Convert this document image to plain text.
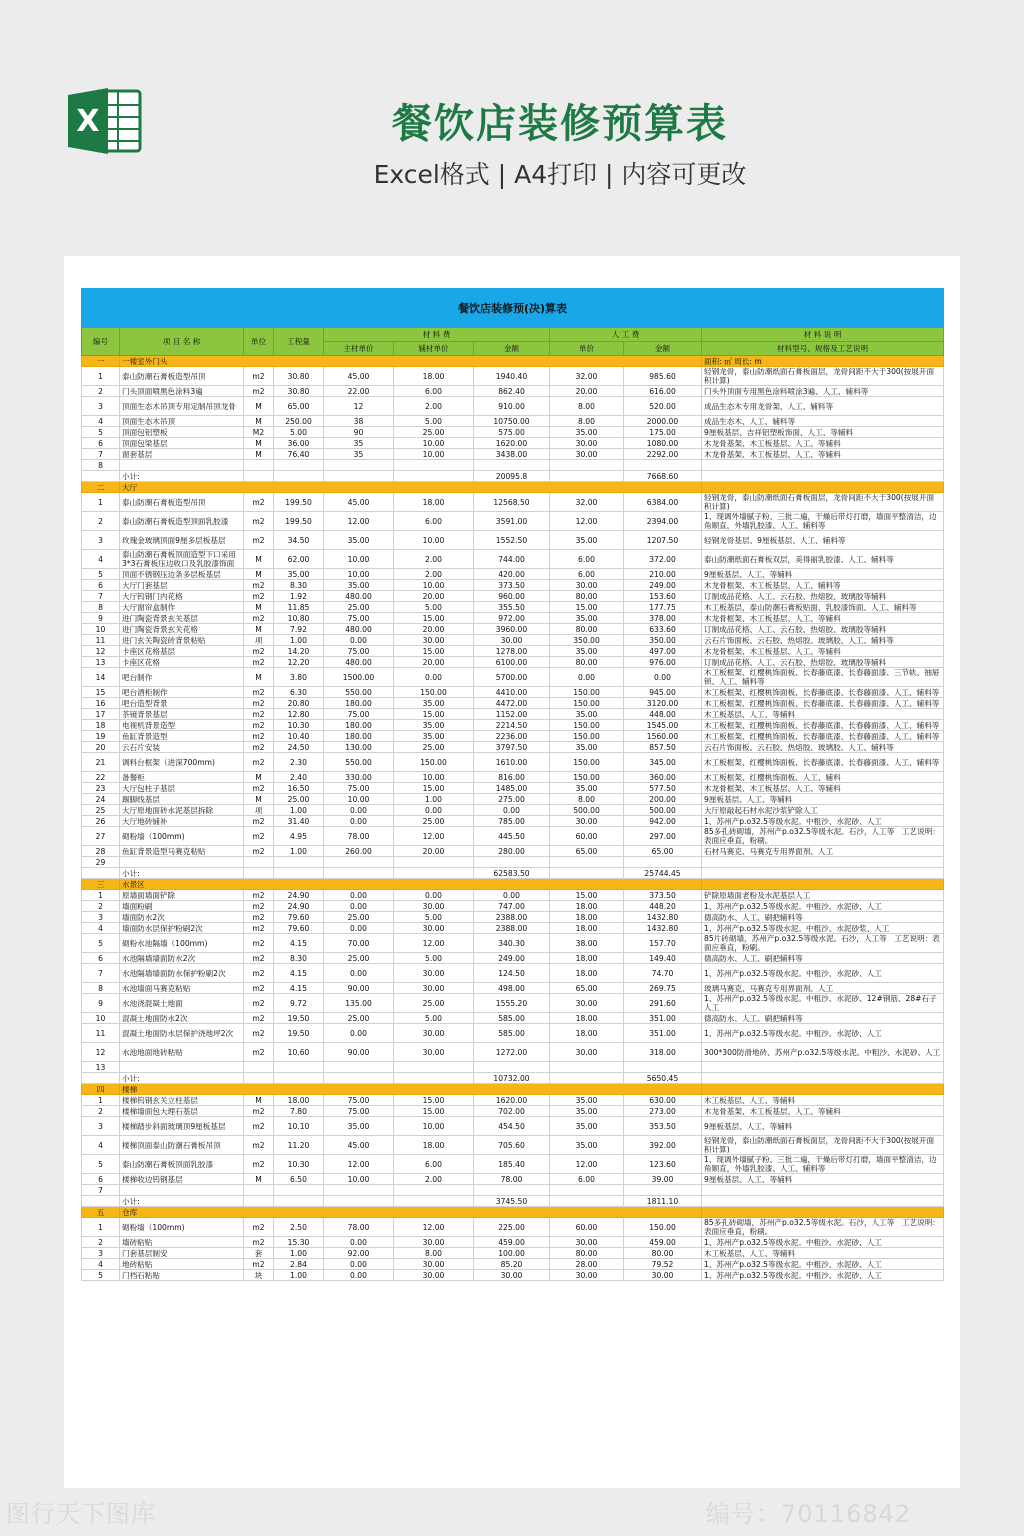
X	餐饮店装修预算表
Excel格式 | A4打印 | 内容可更改
餐饮店装修预(决)算表									
编号	项 目 名 称	单位	工程量	材 料 费			人 工 费		材 料 说 明
				主材单价	辅材单价	金额	单价	金额	材料型号、规格及工艺说明
一	一楼室外门头								面积: ㎡ 周长: m
1	泰山防潮石膏板造型吊顶	m2	30.80	45.00	18.00	1940.40	32.00	985.60	轻钢龙骨，泰山防潮纸面石膏板面层，龙骨间距不大于300(按展开面积计算)
2	门头顶面喷黑色涂料3遍	m2	30.80	22.00	6.00	862.40	20.00	616.00	门头外顶面专用黑色涂料喷涂3遍、人工、辅料等
3	顶面生态木吊顶专用定制吊顶龙骨	M	65.00	12	2.00	910.00	8.00	520.00	成品生态木专用龙骨架、人工、辅料等
4	顶面生态木吊顶	M	250.00	38	5.00	10750.00	8.00	2000.00	成品生态木、人工、辅料等
5	顶面包铝塑板	M2	5.00	90	25.00	575.00	35.00	175.00	9厘板基层、吉祥铝塑板饰面、人工、等辅料
6	顶面包梁基层	M	36.00	35	10.00	1620.00	30.00	1080.00	木龙骨基架、木工板基层、人工、等辅料
7	窗套基层	M	76.40	35	10.00	3438.00	30.00	2292.00	木龙骨基架、木工板基层、人工、等辅料
8									
	小计:					20095.8		7668.60	
二	大厅								
1	泰山防潮石膏板造型吊顶	m2	199.50	45.00	18.00	12568.50	32.00	6384.00	轻钢龙骨，泰山防潮纸面石膏板面层，龙骨间距不大于300(按展开面积计算)
2	泰山防潮石膏板造型顶面乳胶漆	m2	199.50	12.00	6.00	3591.00	12.00	2394.00	1、现调外墙腻子粉、三批二遍，干燥后带灯打磨，墙面平整清洁，边角顺直，外墙乳胶漆、人工、辅料等
3	玫瑰金玻璃顶面9厘多层板基层	m2	34.50	35.00	10.00	1552.50	35.00	1207.50	轻钢龙骨基层、9厘板基层、人工、辅料等
4	泰山防潮石膏板顶面造型下口采用3*3石膏板压边收口及乳胶漆饰面	M	62.00	10.00	2.00	744.00	6.00	372.00	泰山防潮纸面石膏板双层，美得丽乳胶漆、人工、辅料等
5	顶面不锈钢压边条多层板基层	M	35.00	10.00	2.00	420.00	6.00	210.00	9厘板基层、人工、等辅料
6	大厅门套基层	m2	8.30	35.00	10.00	373.50	30.00	249.00	木龙骨框架、木工板基层、人工、辅料等
7	大厅钨钢门内花格	m2	1.92	480.00	20.00	960.00	80.00	153.60	订制成品花格、人工、云石胶、热熔胶、玻璃胶等辅料
8	大厅窗帘盒制作	M	11.85	25.00	5.00	355.50	15.00	177.75	木工板基层，泰山防潮石膏板贴面、乳胶漆饰面、人工、辅料等
9	进门陶瓷背景玄关基层	m2	10.80	75.00	15.00	972.00	35.00	378.00	木龙骨框架、木工板基层、人工、等辅料
10	进门陶瓷背景玄关花格	M	7.92	480.00	20.00	3960.00	80.00	633.60	订制成品花格、人工、云石胶、热熔胶、玻璃胶等辅料
11	进门玄关陶瓷砖背景粘贴	项	1.00	0.00	30.00	30.00	350.00	350.00	云石片饰面板、云石胶、热熔胶、玻璃胶、人工、辅料等
12	卡座区花格基层	m2	14.20	75.00	15.00	1278.00	35.00	497.00	木龙骨框架、木工板基层、人工、等辅料
13	卡座区花格	m2	12.20	480.00	20.00	6100.00	80.00	976.00	订制成品花格、人工、云石胶、热熔胶、玻璃胶等辅料
14	吧台制作	M	3.80	1500.00	0.00	5700.00	0.00	0.00	木工板框架、红樱桃饰面板、长春藤底漆、长春藤面漆、三节轨、抽屉锁、人工、辅料等
15	吧台酒柜制作	m2	6.30	550.00	150.00	4410.00	150.00	945.00	木工板框架、红樱桃饰面板、长春藤底漆、长春藤面漆、人工、辅料等
16	吧台造型背景	m2	20.80	180.00	35.00	4472.00	150.00	3120.00	木工板框架、红樱桃饰面板、长春藤底漆、长春藤面漆、人工、辅料等
17	茶镜背景基层	m2	12.80	75.00	15.00	1152.00	35.00	448.00	木工板基层、人工、等辅料
18	电视机背景造型	m2	10.30	180.00	35.00	2214.50	150.00	1545.00	木工板框架、红樱桃饰面板、长春藤底漆、长春藤面漆、人工、辅料等
19	鱼缸背景造型	m2	10.40	180.00	35.00	2236.00	150.00	1560.00	木工板框架、红樱桃饰面板、长春藤底漆、长春藤面漆、人工、辅料等
20	云石片安装	m2	24.50	130.00	25.00	3797.50	35.00	857.50	云石片饰面板、云石胶、热熔胶、玻璃胶、人工、辅料等
21	调料台框架（进深700mm)	m2	2.30	550.00	150.00	1610.00	150.00	345.00	木工板框架、红樱桃饰面板、长春藤底漆、长春藤面漆、人工、辅料等
22	备餐柜	M	2.40	330.00	10.00	816.00	150.00	360.00	木工板框架、红樱桃饰面板、人工、辅料
23	大厅包柱子基层	m2	16.50	75.00	15.00	1485.00	35.00	577.50	木龙骨框架、木工板基层、人工、等辅料
24	踢脚线基层	M	25.00	10.00	1.00	275.00	8.00	200.00	9厘板基层、人工、等辅料
25	大厅原地面砖水泥基层拆除	项	1.00	0.00	0.00	0.00	500.00	500.00	大厅原敲起石材水泥沙浆铲除人工
26	大厅地砖铺补	m2	31.40	0.00	25.00	785.00	30.00	942.00	1、苏州产p.o32.5等级水泥。中粗沙、水泥砂、人工
27	砌粉墙（100mm)	m2	4.95	78.00	12.00	445.50	60.00	297.00	85多孔砖砌墙，苏州产p.o32.5等级水泥。石沙，人工等　工艺说明：表面应垂直，粉刷。
28	鱼缸背景造型马赛克粘贴	m2	1.00	260.00	20.00	280.00	65.00	65.00	石材马赛克、马赛克专用界面剂、人工
29									
	小计:					62583.50		25744.45	
三	水景区								
1	原墙面墙面铲除	m2	24.90	0.00	0.00	0.00	15.00	373.50	铲除原墙面老粉及水泥基层人工
2	墙面粉刷	m2	24.90	0.00	30.00	747.00	18.00	448.20	1、苏州产p.o32.5等级水泥。中粗沙、水泥砂、人工
3	墙面防水2次	m2	79.60	25.00	5.00	2388.00	18.00	1432.80	德高防水、人工、刷把辅料等
4	墙面防水层保护粉刷2次	m2	79.60	0.00	30.00	2388.00	18.00	1432.80	1、苏州产p.o32.5等级水泥。中粗沙、水泥砂浆、人工
5	砌粉水池隔墙（100mm)	m2	4.15	70.00	12.00	340.30	38.00	157.70	85片砖砌墙，苏州产p.o32.5等级水泥。石沙，人工等　工艺说明：表面应垂直，粉刷。
6	水池隔墙墙面防水2次	m2	8.30	25.00	5.00	249.00	18.00	149.40	德高防水、人工、刷把辅料等
7	水池隔墙墙面防水保护粉刷2次	m2	4.15	0.00	30.00	124.50	18.00	74.70	1、苏州产p.o32.5等级水泥。中粗沙、水泥砂、人工
8	水池墙面马赛克粘贴	m2	4.15	90.00	30.00	498.00	65.00	269.75	玻璃马赛克、马赛克专用界面剂、人工
9	水池浇混凝土地面	m2	9.72	135.00	25.00	1555.20	30.00	291.60	1、苏州产p.o32.5等级水泥。中粗沙、水泥砂、12#钢筋、28#石子人工
10	混凝土地面防水2次	m2	19.50	25.00	5.00	585.00	18.00	351.00	德高防水、人工、刷把辅料等
11	混凝土地面防水层保护浇地坪2次	m2	19.50	0.00	30.00	585.00	18.00	351.00	1、苏州产p.o32.5等级水泥。中粗沙、水泥砂、人工
12	水池地面地砖粘贴	m2	10.60	90.00	30.00	1272.00	30.00	318.00	300*300防滑地砖、苏州产p.o32.5等级水泥。中粗沙、水泥砂、人工
13									
	小计:					10732.00		5650.45	
四	楼梯								
1	楼梯钨钢玄关立柱基层	M	18.00	75.00	15.00	1620.00	35.00	630.00	木工板基层、人工、等辅料
2	楼梯墙面包大理石基层	m2	7.80	75.00	15.00	702.00	35.00	273.00	木龙骨基架、木工板基层、人工、等辅料
3	楼梯踏步斜面玻璃顶9厘板基层	m2	10.10	35.00	10.00	454.50	35.00	353.50	9厘板基层、人工、等辅料
4	楼梯顶面泰山防潮石膏板吊顶	m2	11.20	45.00	18.00	705.60	35.00	392.00	轻钢龙骨，泰山防潮纸面石膏板面层，龙骨间距不大于300(按展开面积计算)
5	泰山防潮石膏板顶面乳胶漆	m2	10.30	12.00	6.00	185.40	12.00	123.60	1、现调外墙腻子粉、三批二遍，干燥后带灯打磨，墙面平整清洁，边角顺直，外墙乳胶漆、人工、辅料等
6	楼梯收边钨钢基层	M	6.50	10.00	2.00	78.00	6.00	39.00	9厘板基层、人工、等辅料
7									
	小计:					3745.50		1811.10	
五	仓库								
1	砌粉墙（100mm)	m2	2.50	78.00	12.00	225.00	60.00	150.00	85多孔砖砌墙，苏州产p.o32.5等级水泥。石沙，人工等　工艺说明：表面应垂直，粉刷。
2	墙砖粘贴	m2	15.30	0.00	30.00	459.00	30.00	459.00	1、苏州产p.o32.5等级水泥。中粗沙、水泥砂、人工
3	门套基层制安	套	1.00	92.00	8.00	100.00	80.00	80.00	木工板基层、人工、等辅料
4	地砖粘贴	m2	2.84	0.00	30.00	85.20	28.00	79.52	1、苏州产p.o32.5等级水泥。中粗沙、水泥砂、人工
5	门档石粘贴	块	1.00	0.00	30.00	30.00	30.00	30.00	1、苏州产p.o32.5等级水泥。中粗沙、水泥砂、人工
图行天下图库	编号：70116842
